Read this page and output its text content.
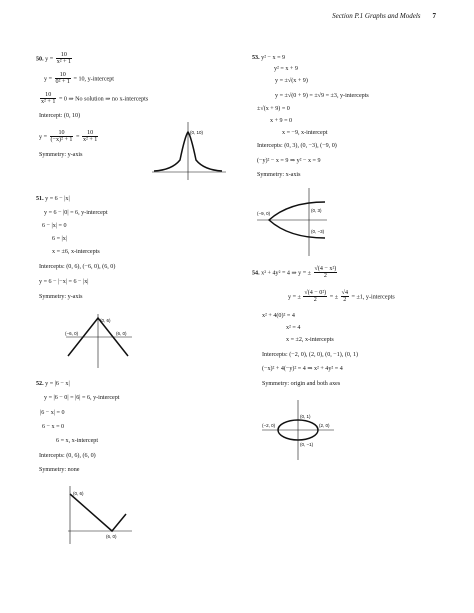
Section P.1 Graphs and Models 7
50. $y = \frac{10}{\text{x² + 1}}$
$y = \frac{10}{\text{0² + 1}} = 10$, y-intercept
$\frac{10}{\text{x² + 1}} = 0$ ⇒ No solution ⇒ no x-intercepts
Intercept: (0, 10)
$y = \frac{10}{\text{(−x)² + 1}} = \frac{10}{\text{x² + 1}}$
Symmetry: y-axis
(0, 10)
51. y = 6 − |x|
y = 6 − |0| = 6, y-intercept
6 − |x| = 0
6 = |x|
x = ±6, x-intercepts
Intercepts: (0, 6), (−6, 0), (6, 0)
y = 6 − |−x| = 6 − |x|
Symmetry: y-axis
(0, 6)
(−6, 0)	(6, 0)
52. y = |6 − x|
y = |6 − 0| = |6| = 6, y-intercept
|6 − x| = 0
6 − x = 0
6 = x, x-intercept
Intercepts: (0, 6), (6, 0)
Symmetry: none
(0, 6)
(6, 0)
53. y² − x = 9
y² = x + 9
y = ±√(x + 9)
y = ±√(0 + 9) = ±√9 = ±3, y-intercepts
±√(x + 9) = 0
x + 9 = 0
x = −9, x-intercept
Intercepts: (0, 3), (0, −3), (−9, 0)
(−y)² − x = 9 ⇒ y² − x = 9
Symmetry: x-axis
(0, 3)
(−9, 0)
(0, −3)
54. x² + 4y² = 4 ⇒ y = ± $\frac{\text{√(4 − x²)}}{2}$
y = ± $\frac{\text{√(4 − 0²)}}{2}$ = ± $\frac{√4}{2} = \pm 1$, y-intercepts
x² + 4(0)² = 4
x² = 4
x = ±2, x-intercepts
Intercepts: (−2, 0), (2, 0), (0, −1), (0, 1)
(−x)² + 4(−y)² = 4 ⇒ x² + 4y² = 4
Symmetry: origin and both axes
(0, 1)
(−2, 0)	(2, 0)
(0, −1)
